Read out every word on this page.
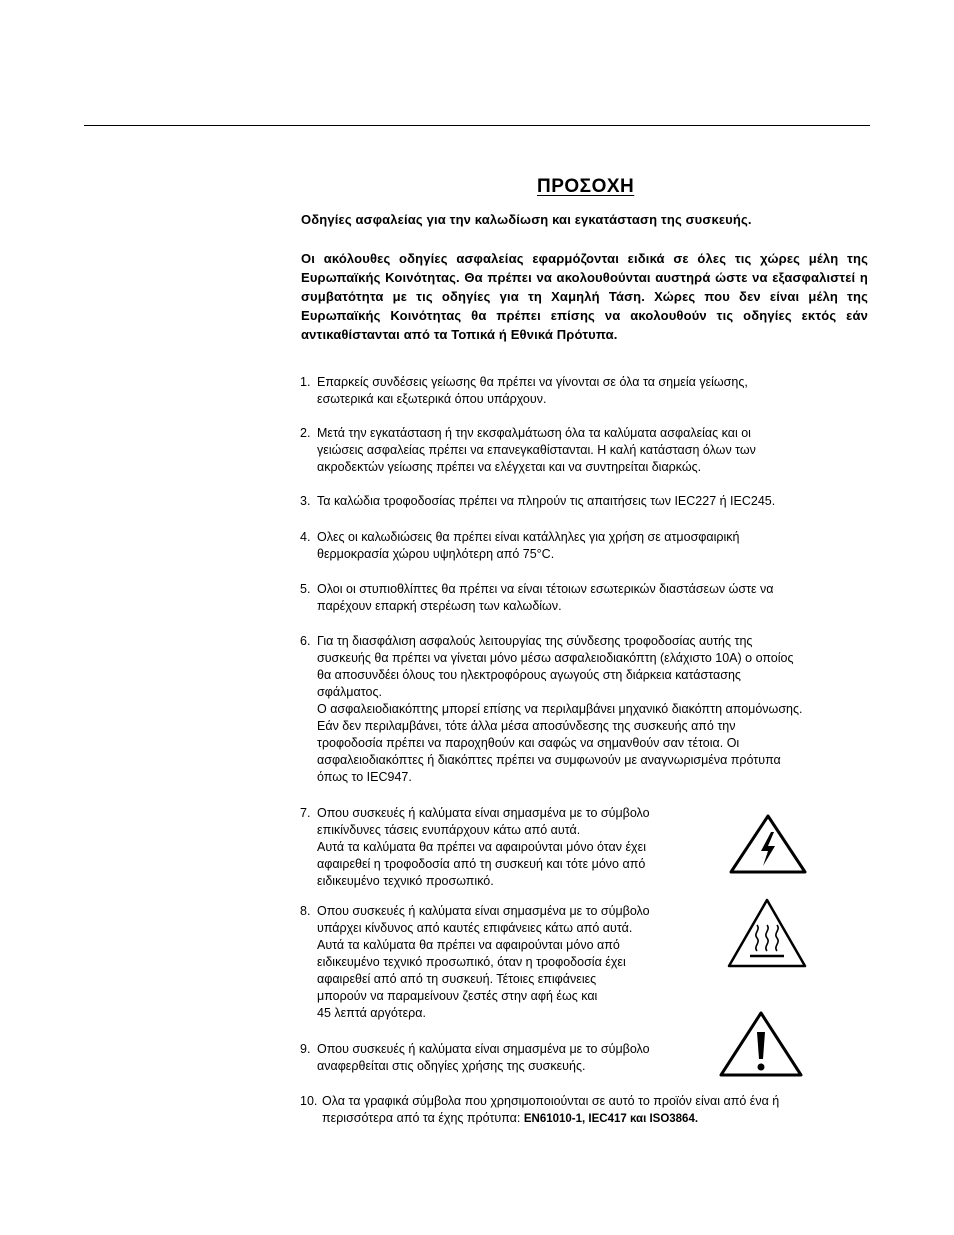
ΠΡΟΣΟΧΗ
Οδηγίες ασφαλείας για την καλωδίωση και εγκατάσταση της συσκευής.
Οι ακόλουθες οδηγίες ασφαλείας εφαρμόζονται ειδικά σε όλες τις χώρες μέλη της Ευρωπαϊκής Κοινότητας. Θα πρέπει να ακολουθούνται αυστηρά ώστε να εξασφαλιστεί η συμβατότητα με τις οδηγίες για τη Χαμηλή Τάση. Χώρες που δεν είναι μέλη της Ευρωπαϊκής Κοινότητας θα πρέπει επίσης να ακολουθούν τις οδηγίες εκτός εάν αντικαθίστανται από τα Τοπικά ή Εθνικά Πρότυπα.
1. Επαρκείς συνδέσεις γείωσης θα πρέπει να γίνονται σε όλα τα σημεία γείωσης,
εσωτερικά και εξωτερικά όπου υπάρχουν.
2. Μετά την εγκατάσταση ή την εκσφαλμάτωση όλα τα καλύματα ασφαλείας και οι
γειώσεις ασφαλείας πρέπει να επανεγκαθίστανται. Η καλή κατάσταση όλων των
ακροδεκτών γείωσης πρέπει να ελέγχεται και να συντηρείται διαρκώς.
3. Τα καλώδια τροφοδοσίας πρέπει να πληρούν τις απαιτήσεις των IEC227 ή IEC245.
4. Ολες οι καλωδιώσεις θα πρέπει είναι κατάλληλες για χρήση σε ατμοσφαιρική
θερμοκρασία χώρου υψηλότερη από 75°C.
5. Ολοι οι στυπιοθλίπτες θα πρέπει να είναι τέτοιων εσωτερικών διαστάσεων ώστε να
παρέχουν επαρκή στερέωση των καλωδίων.
6. Για τη διασφάλιση ασφαλούς λειτουργίας της σύνδεσης τροφοδοσίας αυτής της
συσκευής θα πρέπει να γίνεται μόνο μέσω ασφαλειοδιακόπτη (ελάχιστο 10A) ο οποίος
θα αποσυνδέει όλους του ηλεκτροφόρους αγωγούς στη διάρκεια κατάστασης
σφάλματος.
Ο ασφαλειοδιακόπτης μπορεί επίσης να περιλαμβάνει μηχανικό διακόπτη απομόνωσης.
Εάν δεν περιλαμβάνει, τότε άλλα μέσα αποσύνδεσης της συσκευής από την
τροφοδοσία πρέπει να παροχηθούν και σαφώς να σημανθούν σαν τέτοια. Οι
ασφαλειοδιακόπτες ή διακόπτες πρέπει να συμφωνούν με αναγνωρισμένα πρότυπα
όπως το IEC947.
7. Οπου συσκευές ή καλύματα είναι σημασμένα με το σύμβολο
επικίνδυνες τάσεις ενυπάρχουν κάτω από αυτά.
Αυτά τα καλύματα θα πρέπει να αφαιρούνται μόνο όταν έχει
αφαιρεθεί η τροφοδοσία από τη συσκευή και τότε μόνο από
ειδικευμένο τεχνικό προσωπικό.
8. Οπου συσκευές ή καλύματα είναι σημασμένα με το σύμβολο
υπάρχει κίνδυνος από καυτές επιφάνειες κάτω από αυτά.
Αυτά τα καλύματα θα πρέπει να αφαιρούνται μόνο από
ειδικευμένο τεχνικό προσωπικό, όταν η τροφοδοσία έχει
αφαιρεθεί από από τη συσκευή. Τέτοιες επιφάνειες
μπορούν να παραμείνουν ζεστές στην αφή έως και
45 λεπτά αργότερα.
9. Οπου συσκευές ή καλύματα είναι σημασμένα με το σύμβολο
αναφερθείται στις οδηγίες χρήσης της συσκευής.
10. Ολα τα γραφικά σύμβολα που χρησιμοποιούνται σε αυτό το προϊόν είναι από ένα ή
περισσότερα από τα έχης πρότυπα: EN61010-1, IEC417 και ISO3864.
